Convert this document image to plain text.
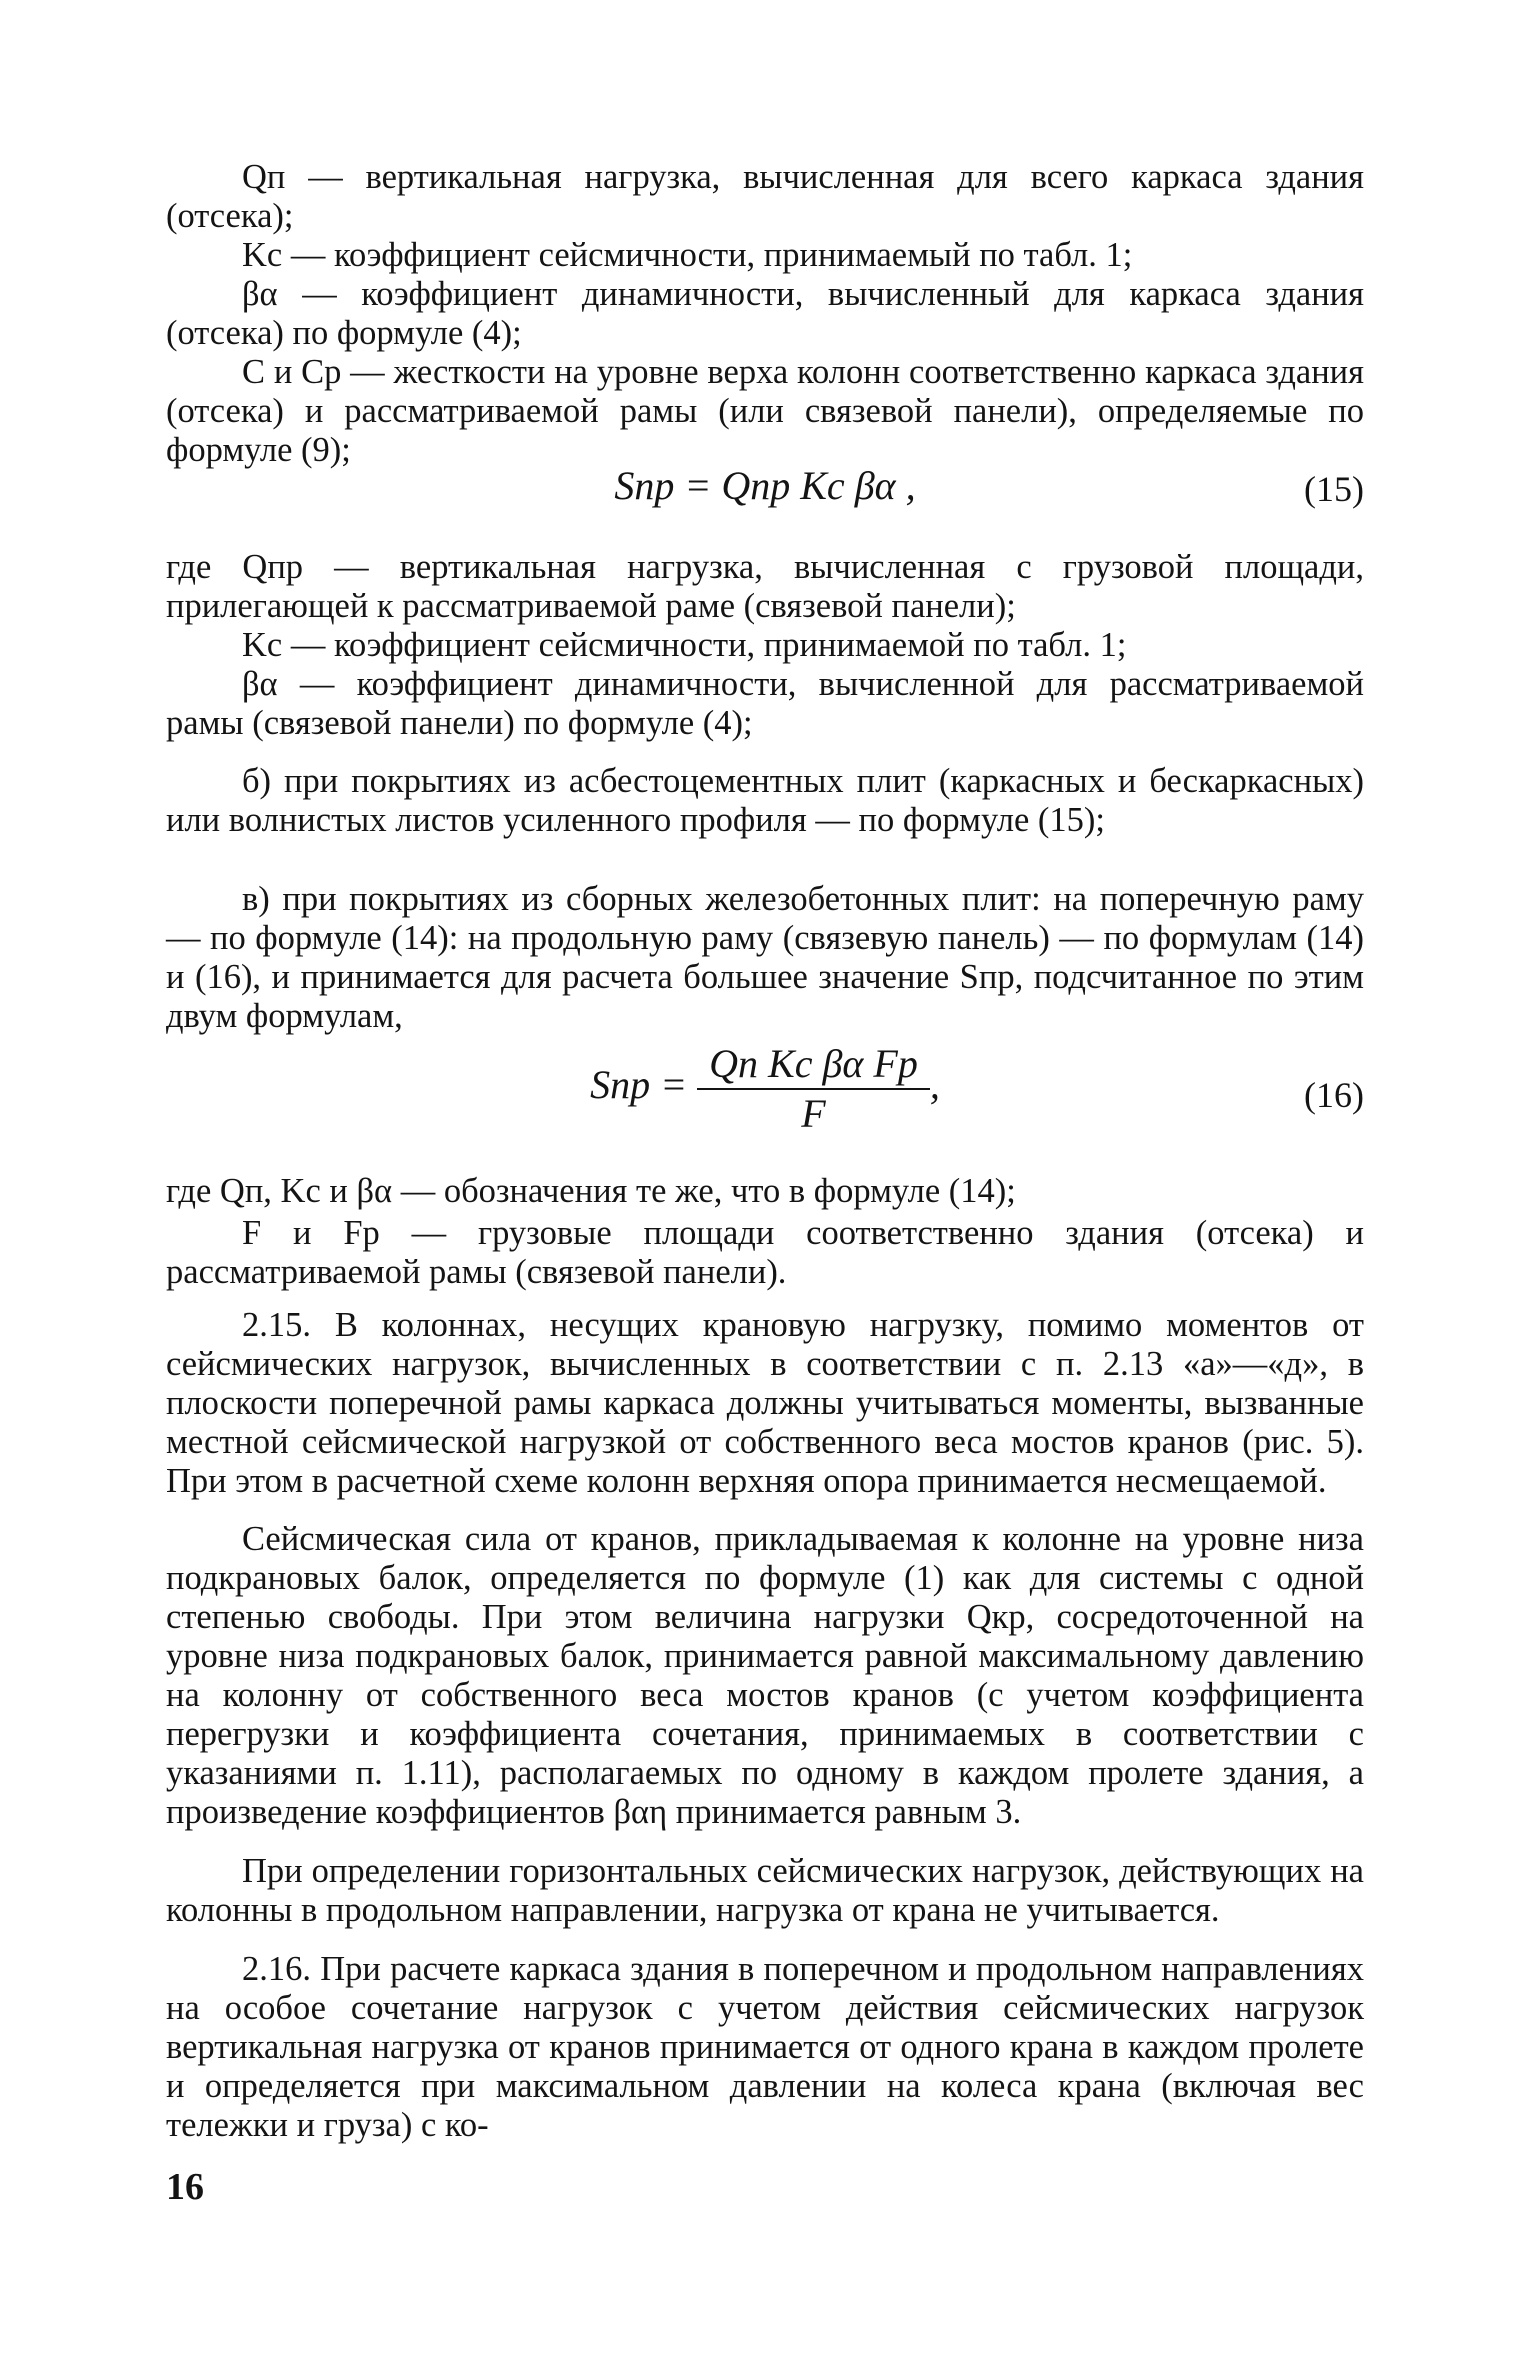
Qп — вертикальная нагрузка, вычисленная для всего каркаса здания (отсека);

Kс — коэффициент сейсмичности, принимаемый по табл. 1;

βα — коэффициент динамичности, вычисленный для каркаса здания (отсека) по формуле (4);

C и Cр — жесткости на уровне верха колонн соответственно каркаса здания (отсека) и рассматриваемой рамы (или связевой панели), определяемые по формуле (9);

Sпр = Qпр Kс βα ,	(15)

где Qпр — вертикальная нагрузка, вычисленная с грузовой площади, прилегающей к рассматриваемой раме (связевой панели);

Kс — коэффициент сейсмичности, принимаемой по табл. 1;

βα — коэффициент динамичности, вычисленной для рассматриваемой рамы (связевой панели) по формуле (4);

б) при покрытиях из асбестоцементных плит (каркасных и бескаркасных) или волнистых листов усиленного профиля — по формуле (15);

в) при покрытиях из сборных железобетонных плит: на поперечную раму — по формуле (14): на продольную раму (связевую панель) — по формулам (14) и (16), и принимается для расчета большее значение Sпр, подсчитанное по этим двум формулам,

Sпр = $\frac{\text{Qп Kс βα Fр}}{F}$ ,	(16)

где Qп, Kс и βα — обозначения те же, что в формуле (14);

F и Fр — грузовые площади соответственно здания (отсека) и рассматриваемой рамы (связевой панели).

2.15. В колоннах, несущих крановую нагрузку, помимо моментов от сейсмических нагрузок, вычисленных в соответствии с п. 2.13 «а»—«д», в плоскости поперечной рамы каркаса должны учитываться моменты, вызванные местной сейсмической нагрузкой от собственного веса мостов кранов (рис. 5). При этом в расчетной схеме колонн верхняя опора принимается несмещаемой.

Сейсмическая сила от кранов, прикладываемая к колонне на уровне низа подкрановых балок, определяется по формуле (1) как для системы с одной степенью свободы. При этом величина нагрузки Qкр, сосредоточенной на уровне низа подкрановых балок, принимается равной максимальному давлению на колонну от собственного веса мостов кранов (с учетом коэффициента перегрузки и коэффициента сочетания, принимаемых в соответствии с указаниями п. 1.11), располагаемых по одному в каждом пролете здания, а произведение коэффициентов βαη принимается равным 3.

При определении горизонтальных сейсмических нагрузок, действующих на колонны в продольном направлении, нагрузка от крана не учитывается.

2.16. При расчете каркаса здания в поперечном и продольном направлениях на особое сочетание нагрузок с учетом действия сейсмических нагрузок вертикальная нагрузка от кранов принимается от одного крана в каждом пролете и определяется при максимальном давлении на колеса крана (включая вес тележки и груза) с ко-

16
